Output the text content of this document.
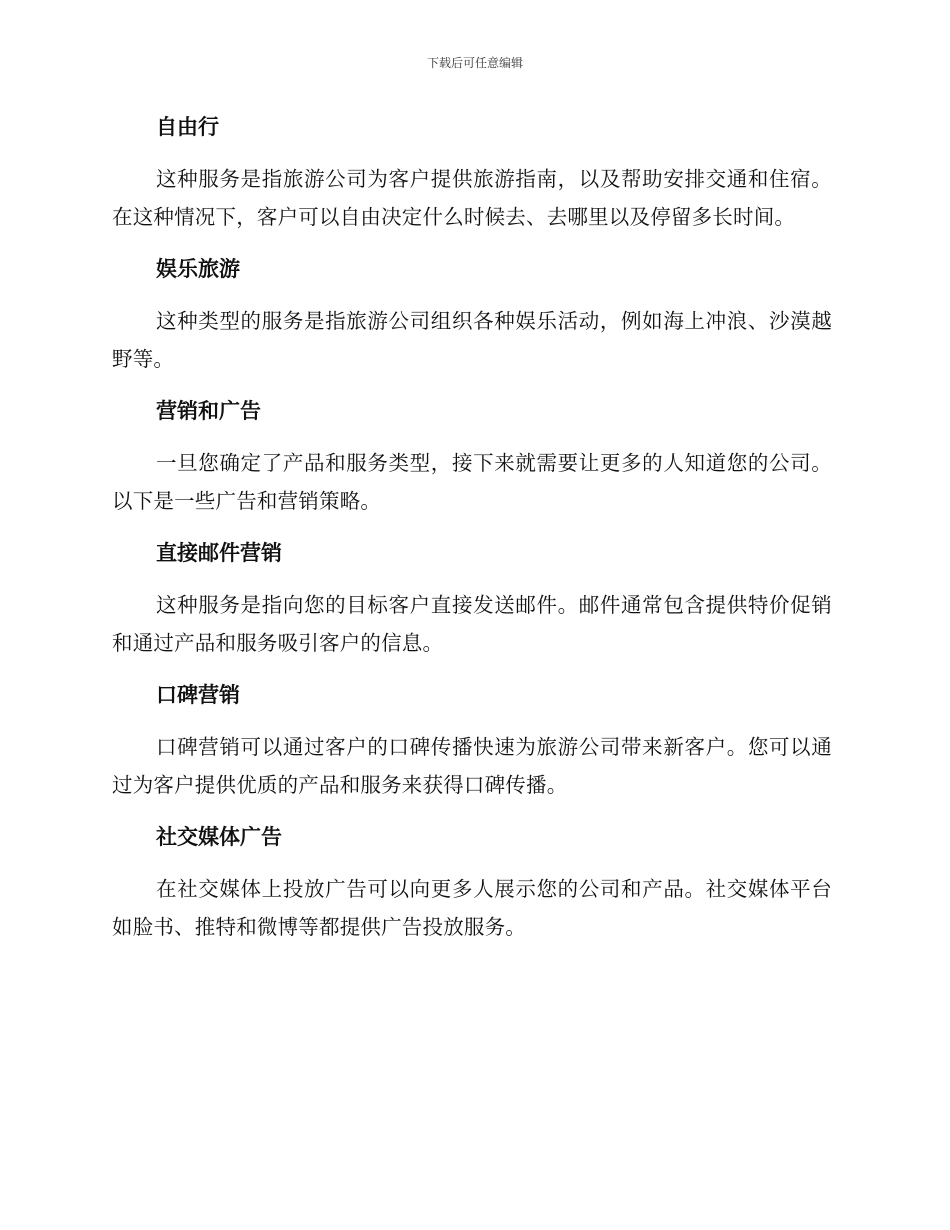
下载后可任意编辑
自由行

这种服务是指旅游公司为客户提供旅游指南，以及帮助安排交通和住宿。在这种情况下，客户可以自由决定什么时候去、去哪里以及停留多长时间。

娱乐旅游

这种类型的服务是指旅游公司组织各种娱乐活动，例如海上冲浪、沙漠越野等。

营销和广告

一旦您确定了产品和服务类型，接下来就需要让更多的人知道您的公司。以下是一些广告和营销策略。

直接邮件营销

这种服务是指向您的目标客户直接发送邮件。邮件通常包含提供特价促销和通过产品和服务吸引客户的信息。

口碑营销

口碑营销可以通过客户的口碑传播快速为旅游公司带来新客户。您可以通过为客户提供优质的产品和服务来获得口碑传播。

社交媒体广告

在社交媒体上投放广告可以向更多人展示您的公司和产品。社交媒体平台如脸书、推特和微博等都提供广告投放服务。
